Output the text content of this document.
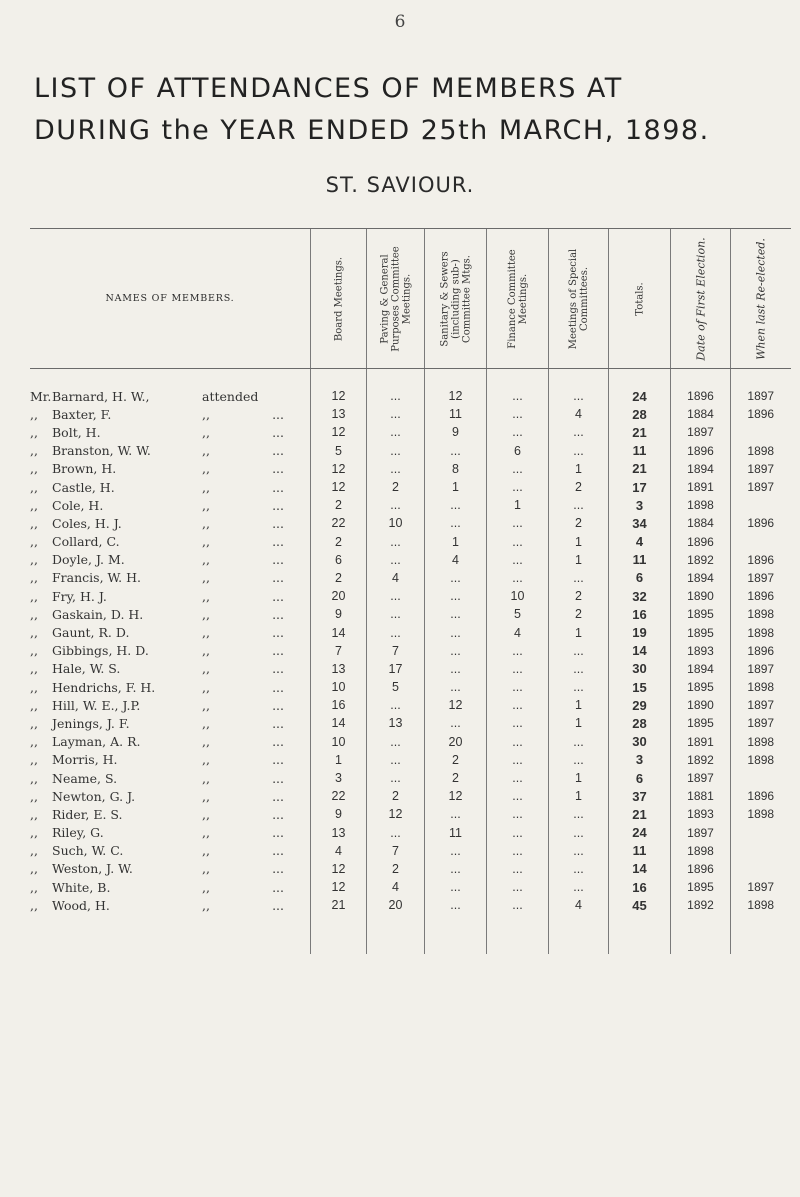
6
LIST OF ATTENDANCES OF MEMBERS AT
DURING the YEAR ENDED 25th MARCH, 1898.
ST. SAVIOUR.
NAMES OF MEMBERS.	Board Meetings.	Paving & General Purposes Committee Meetings.	Sanitary & Sewers (including sub-) Committee Mtgs.	Finance Committee Meetings.	Meetings of Special Committees.	Totals.	Date of First Election.	When last Re-elected.

Mr.Barnard, H. W., attended	12	...	12	...	...	24	1896	1897
,, Baxter, F. ,, ...	13	...	11	...	4	28	1884	1896
,, Bolt, H. ,, ...	12	...	9	...	...	21	1897	
,, Branston, W. W. ,, ...	5	...	...	6	...	11	1896	1898
,, Brown, H. ,, ...	12	...	8	...	1	21	1894	1897
,, Castle, H. ,, ...	12	2	1	...	2	17	1891	1897
,, Cole, H. ,, ...	2	...	...	1	...	3	1898	
,, Coles, H. J. ,, ...	22	10	...	...	2	34	1884	1896
,, Collard, C. ,, ...	2	...	1	...	1	4	1896	
,, Doyle, J. M. ,, ...	6	...	4	...	1	11	1892	1896
,, Francis, W. H. ,, ...	2	4	...	...	...	6	1894	1897
,, Fry, H. J. ,, ...	20	...	...	10	2	32	1890	1896
,, Gaskain, D. H. ,, ...	9	...	...	5	2	16	1895	1898
,, Gaunt, R. D. ,, ...	14	...	...	4	1	19	1895	1898
,, Gibbings, H. D. ,, ...	7	7	...	...	...	14	1893	1896
,, Hale, W. S. ,, ...	13	17	...	...	...	30	1894	1897
,, Hendrichs, F. H. ,, ...	10	5	...	...	...	15	1895	1898
,, Hill, W. E., J.P. ,, ...	16	...	12	...	1	29	1890	1897
,, Jenings, J. F. ,, ...	14	13	...	...	1	28	1895	1897
,, Layman, A. R. ,, ...	10	...	20	...	...	30	1891	1898
,, Morris, H. ,, ...	1	...	2	...	...	3	1892	1898
,, Neame, S. ,, ...	3	...	2	...	1	6	1897	
,, Newton, G. J. ,, ...	22	2	12	...	1	37	1881	1896
,, Rider, E. S. ,, ...	9	12	...	...	...	21	1893	1898
,, Riley, G. ,, ...	13	...	11	...	...	24	1897	
,, Such, W. C. ,, ...	4	7	...	...	...	11	1898	
,, Weston, J. W. ,, ...	12	2	...	...	...	14	1896	
,, White, B. ,, ...	12	4	...	...	...	16	1895	1897
,, Wood, H. ,, ...	21	20	...	...	4	45	1892	1898
